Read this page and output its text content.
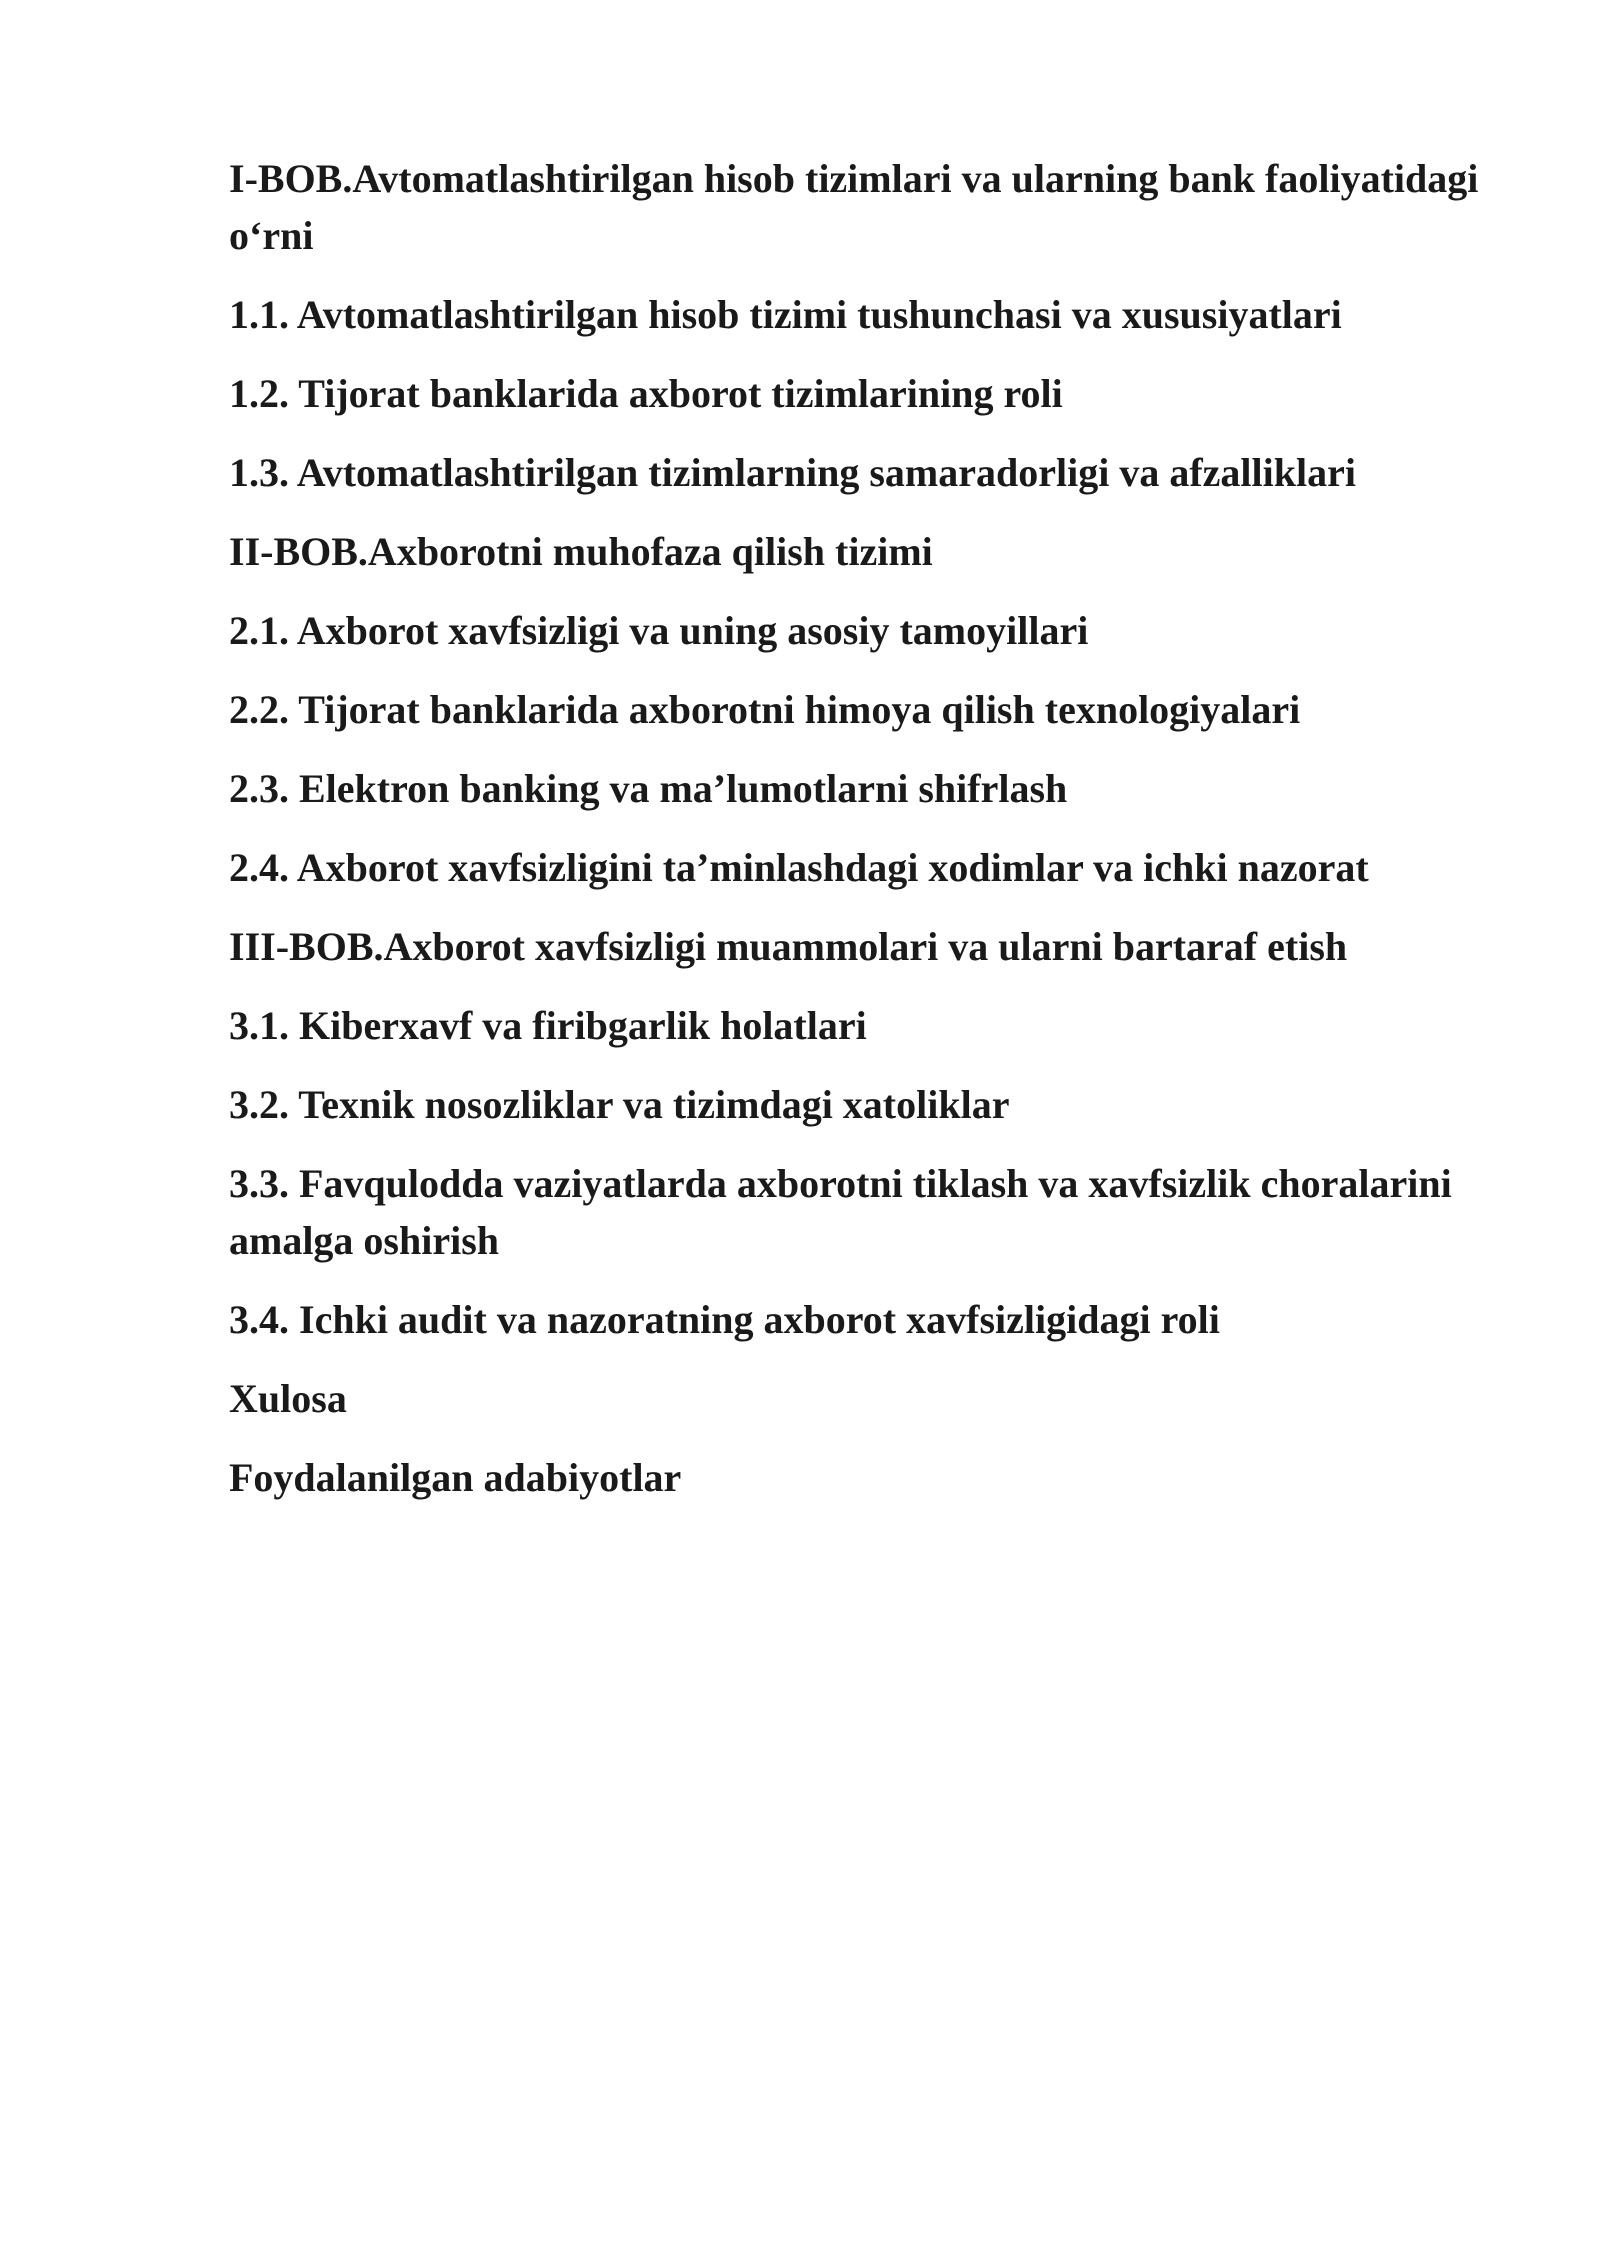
I-BOB.Avtomatlashtirilgan hisob tizimlari va ularning bank faoliyatidagi o‘rni
1.1. Avtomatlashtirilgan hisob tizimi tushunchasi va xususiyatlari
1.2. Tijorat banklarida axborot tizimlarining roli
1.3. Avtomatlashtirilgan tizimlarning samaradorligi va afzalliklari
II-BOB.Axborotni muhofaza qilish tizimi
2.1. Axborot xavfsizligi va uning asosiy tamoyillari
2.2. Tijorat banklarida axborotni himoya qilish texnologiyalari
2.3. Elektron banking va ma’lumotlarni shifrlash
2.4. Axborot xavfsizligini ta’minlashdagi xodimlar va ichki nazorat
III-BOB.Axborot xavfsizligi muammolari va ularni bartaraf etish
3.1. Kiberxavf va firibgarlik holatlari
3.2. Texnik nosozliklar va tizimdagi xatoliklar
3.3. Favqulodda vaziyatlarda axborotni tiklash va xavfsizlik choralarini amalga oshirish
3.4. Ichki audit va nazoratning axborot xavfsizligidagi roli
Xulosa
Foydalanilgan adabiyotlar
